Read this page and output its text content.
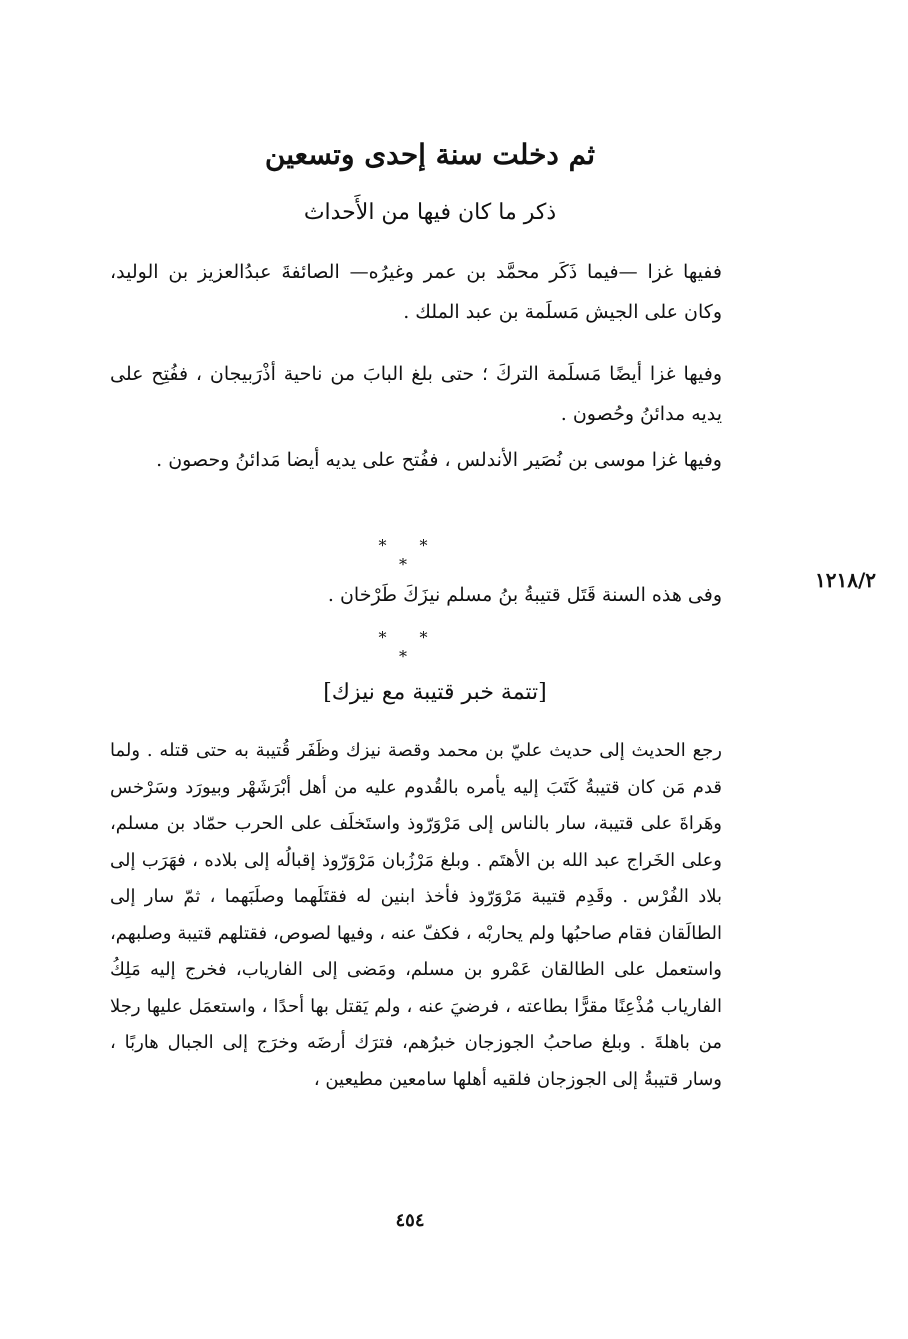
ثم دخلت سنة إحدى وتسعين
ذكر ما كان فيها من الأَحداث
ففيها غزا —فيما ذَكَر محمَّد بن عمر وغيرُه— الصائفةَ عبدُالعزيز بن الوليد، وكان على الجيش مَسلَمة بن عبد الملك .
وفيها غزا أيضًا مَسلَمة التركَ ؛ حتى بلغ البابَ من ناحية أذْرَبيجان ، ففُتِح على يديه مدائنُ وحُصون .
وفيها غزا موسى بن نُصَير الأندلس ، ففُتح على يديه أيضا مَدائنُ وحصون .
* * *
١٢١٨/٢
وفى هذه السنة قَتَل قتيبةُ بنُ مسلم نيزَكَ طَرْخان .
* * *
[تتمة خبر قتيبة مع نيزك]
رجع الحديث إلى حديث عليّ بن محمد وقصة نيزك وظَفَر قُتيبة به حتى قتله . ولما قدم مَن كان قتيبةُ كَتَبَ إليه يأمره بالقُدوم عليه من أهل أبْرَشَهْر وبيورَد وسَرْخس وهَراةَ على قتيبة، سار بالناس إلى مَرْوَرّوذ واستَخلَف على الحرب حمّاد بن مسلم، وعلى الخَراج عبد الله بن الأهتَم . وبلغ مَرْزُبان مَرْوَرّوذ إقبالُه إلى بلاده ، فهَرَب إلى بلاد الفُرْس . وقَدِم قتيبة مَرْوَرّوذ فأخذ ابنين له فقتَلَهما وصلَبَهما ، ثمّ سار إلى الطالَقان فقام صاحبُها ولم يحاربْه ، فكفّ عنه ، وفيها لصوص، فقتلهم قتيبة وصلبهم، واستعمل على الطالقان عَمْرو بن مسلم، ومَضى إلى الفارياب، فخرج إليه مَلِكُ الفارياب مُذْعِنًا مقرًّا بطاعته ، فرضيَ عنه ، ولم يَقتل بها أحدًا ، واستعمَل عليها رجلا من باهلةَ . وبلغ صاحبُ الجوزجان خبرُهم، فترَك أرضَه وخرَج إلى الجبال هاربًا ، وسار قتيبةُ إلى الجوزجان فلقيه أهلها سامعين مطيعين ،
٤٥٤
